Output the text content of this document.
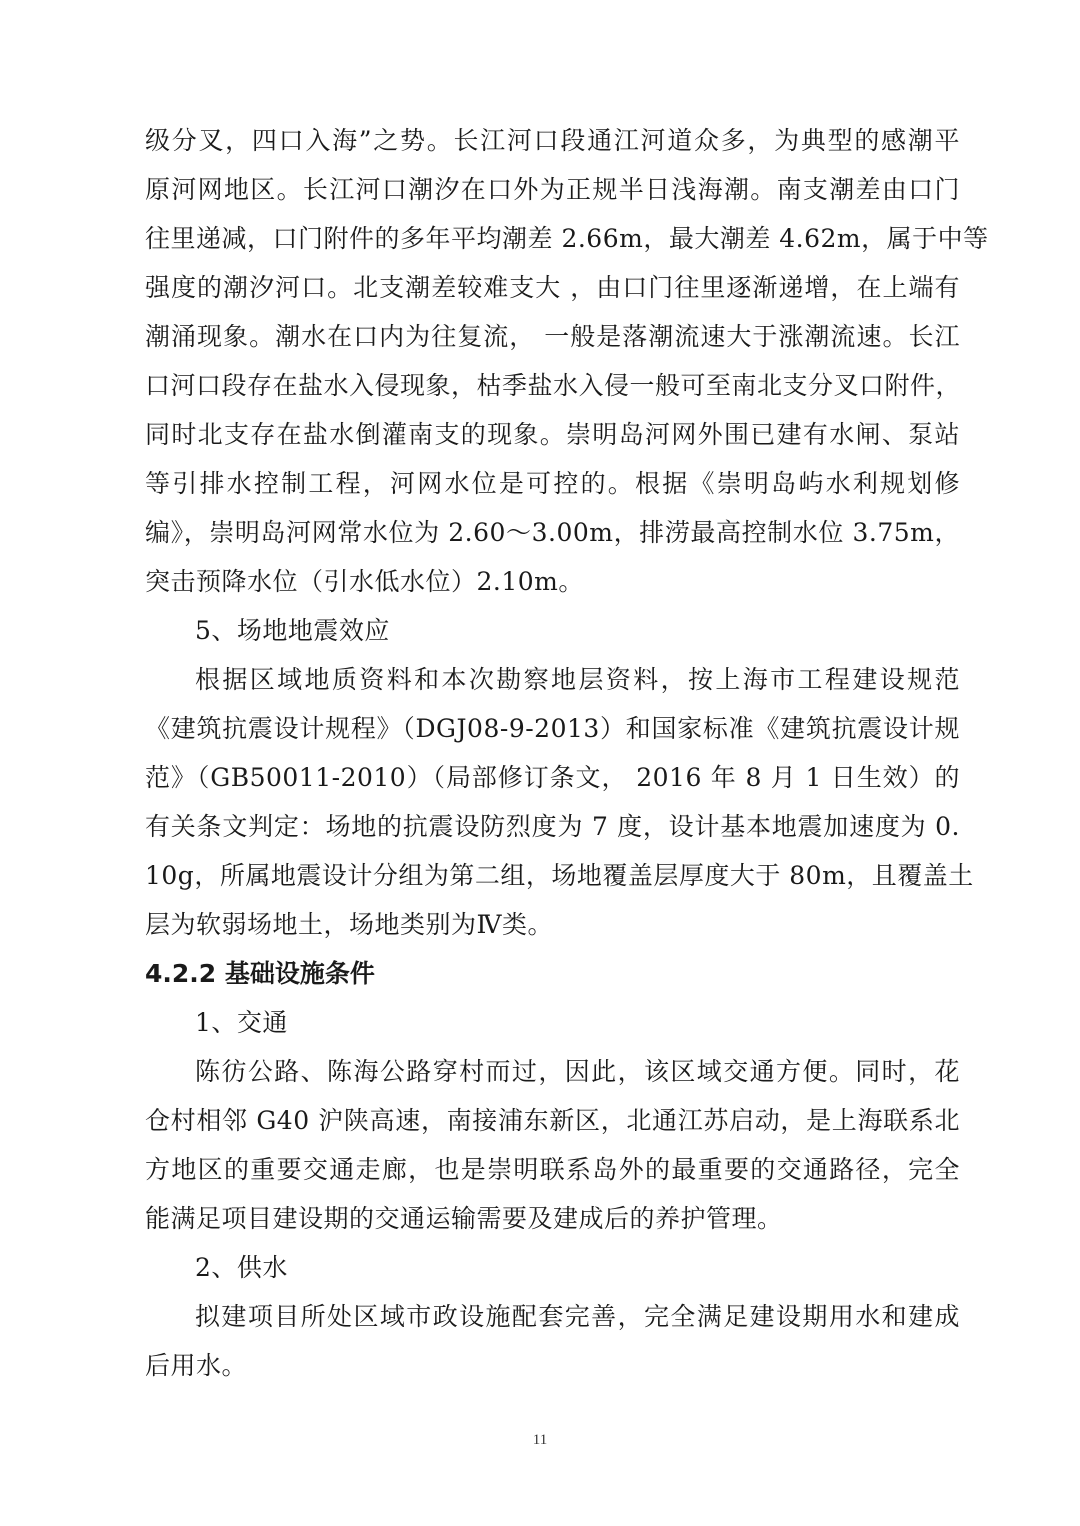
级分叉，四口入海”之势。长江河口段通江河道众多，为典型的感潮平
原河网地区。长江河口潮汐在口外为正规半日浅海潮。南支潮差由口门
往里递减，口门附件的多年平均潮差 2.66m，最大潮差 4.62m，属于中等
强度的潮汐河口。北支潮差较难支大 ，由口门往里逐渐递增，在上端有
潮涌现象。潮水在口内为往复流， 一般是落潮流速大于涨潮流速。长江
口河口段存在盐水入侵现象，枯季盐水入侵一般可至南北支分叉口附件，
同时北支存在盐水倒灌南支的现象。崇明岛河网外围已建有水闸、泵站
等引排水控制工程，河网水位是可控的。根据《崇明岛屿水利规划修
编》，崇明岛河网常水位为 2.60～3.00m，排涝最高控制水位 3.75m，
突击预降水位（引水低水位）2.10m。
5、场地地震效应
根据区域地质资料和本次勘察地层资料，按上海市工程建设规范
《建筑抗震设计规程》（DGJ08-9-2013）和国家标准《建筑抗震设计规
范》（GB50011-2010）（局部修订条文， 2016 年 8 月 1 日生效）的
有关条文判定：场地的抗震设防烈度为 7 度，设计基本地震加速度为 0.
10g，所属地震设计分组为第二组，场地覆盖层厚度大于 80m，且覆盖土
层为软弱场地土，场地类别为Ⅳ类。
4.2.2 基础设施条件
1、交通
陈彷公路、陈海公路穿村而过，因此，该区域交通方便。同时，花
仓村相邻 G40 沪陕高速，南接浦东新区，北通江苏启动，是上海联系北
方地区的重要交通走廊，也是崇明联系岛外的最重要的交通路径，完全
能满足项目建设期的交通运输需要及建成后的养护管理。
2、供水
拟建项目所处区域市政设施配套完善，完全满足建设期用水和建成
后用水。
11
